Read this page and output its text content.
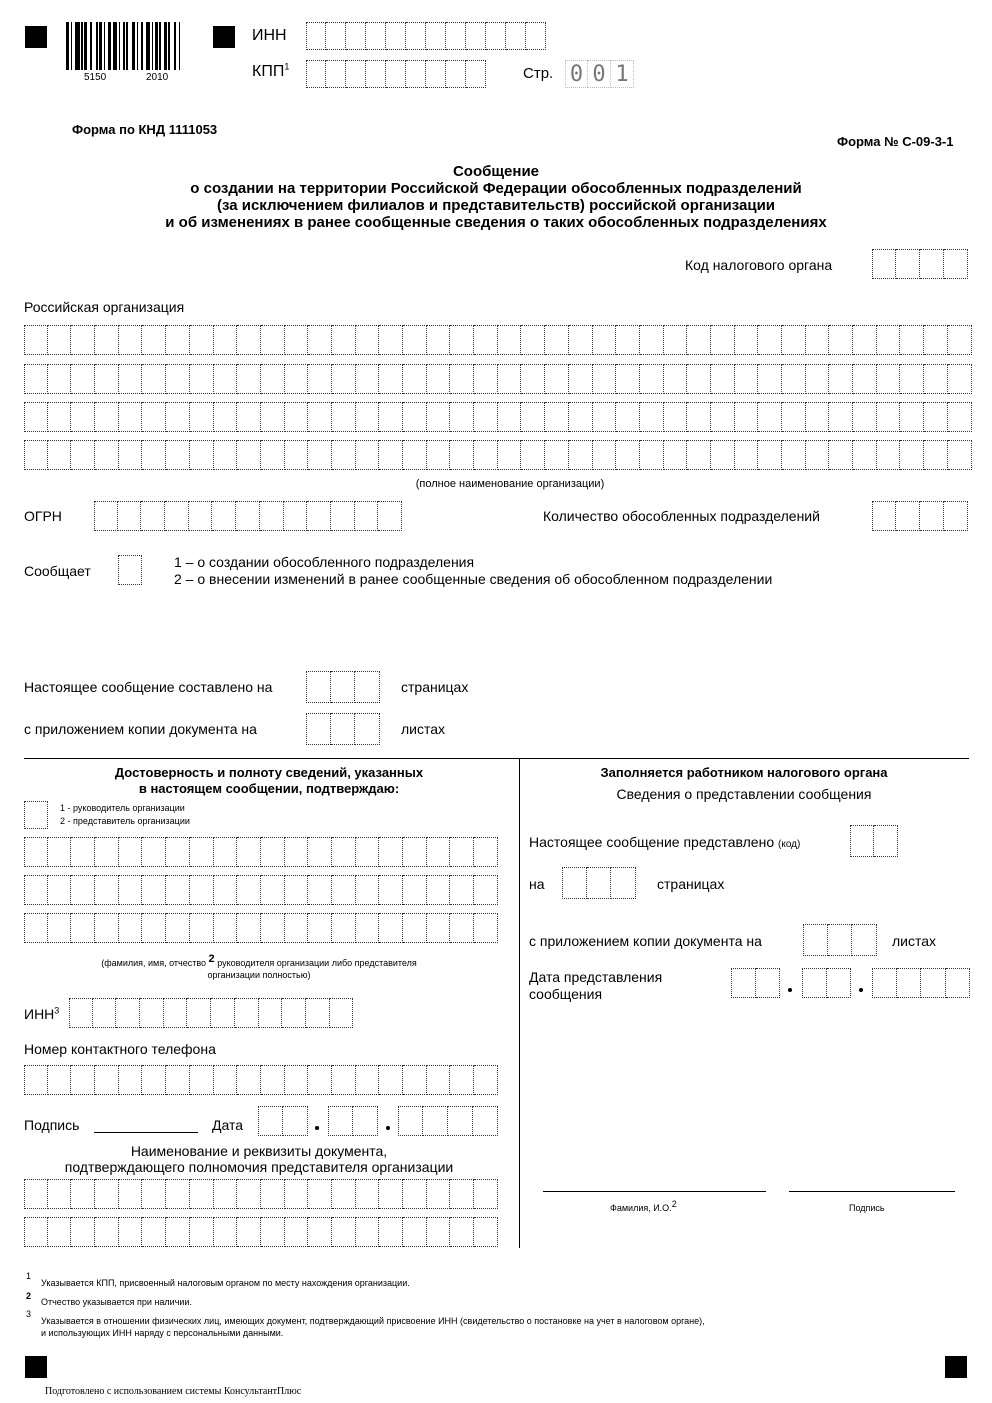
5150	2010
ИНН
КПП$^1$	Стр. 0 0 1
Форма по КНД 1111053
Форма № С-09-3-1
Сообщение
о создании на территории Российской Федерации обособленных подразделений
(за исключением филиалов и представительств) российской организации
и об изменениях в ранее сообщенные сведения о таких обособленных подразделениях
Код налогового органа
Российская организация
(полное наименование организации)
ОГРН	Количество обособленных подразделений
Сообщает
1 – о создании обособленного подразделения
2 – о внесении изменений в ранее сообщенные сведения об обособленном подразделении
Настоящее сообщение составлено на	страницах
с приложением копии документа на	листах
Достоверность и полноту сведений, указанных
в настоящем сообщении, подтверждаю:
1 - руководитель организации
2 - представитель организации
(фамилия, имя, отчество 2 руководителя организации либо представителя
организации полностью)
ИНН$^3$
Номер контактного телефона
Подпись	Дата
Наименование и реквизиты документа,
подтверждающего полномочия представителя организации
Заполняется работником налогового органа
Сведения о представлении сообщения
Настоящее сообщение представлено (код)
на	страницах
с приложением копии документа на	листах
Дата представления
сообщения
Фамилия, И.О.2	Подпись
1
Указывается КПП, присвоенный налоговым органом по месту нахождения организации.
2
Отчество указывается при наличии.
3
Указывается в отношении физических лиц, имеющих документ, подтверждающий присвоение ИНН (свидетельство о постановке на учет в налоговом органе),
и использующих ИНН наряду с персональными данными.
Подготовлено с использованием системы КонсультантПлюс
